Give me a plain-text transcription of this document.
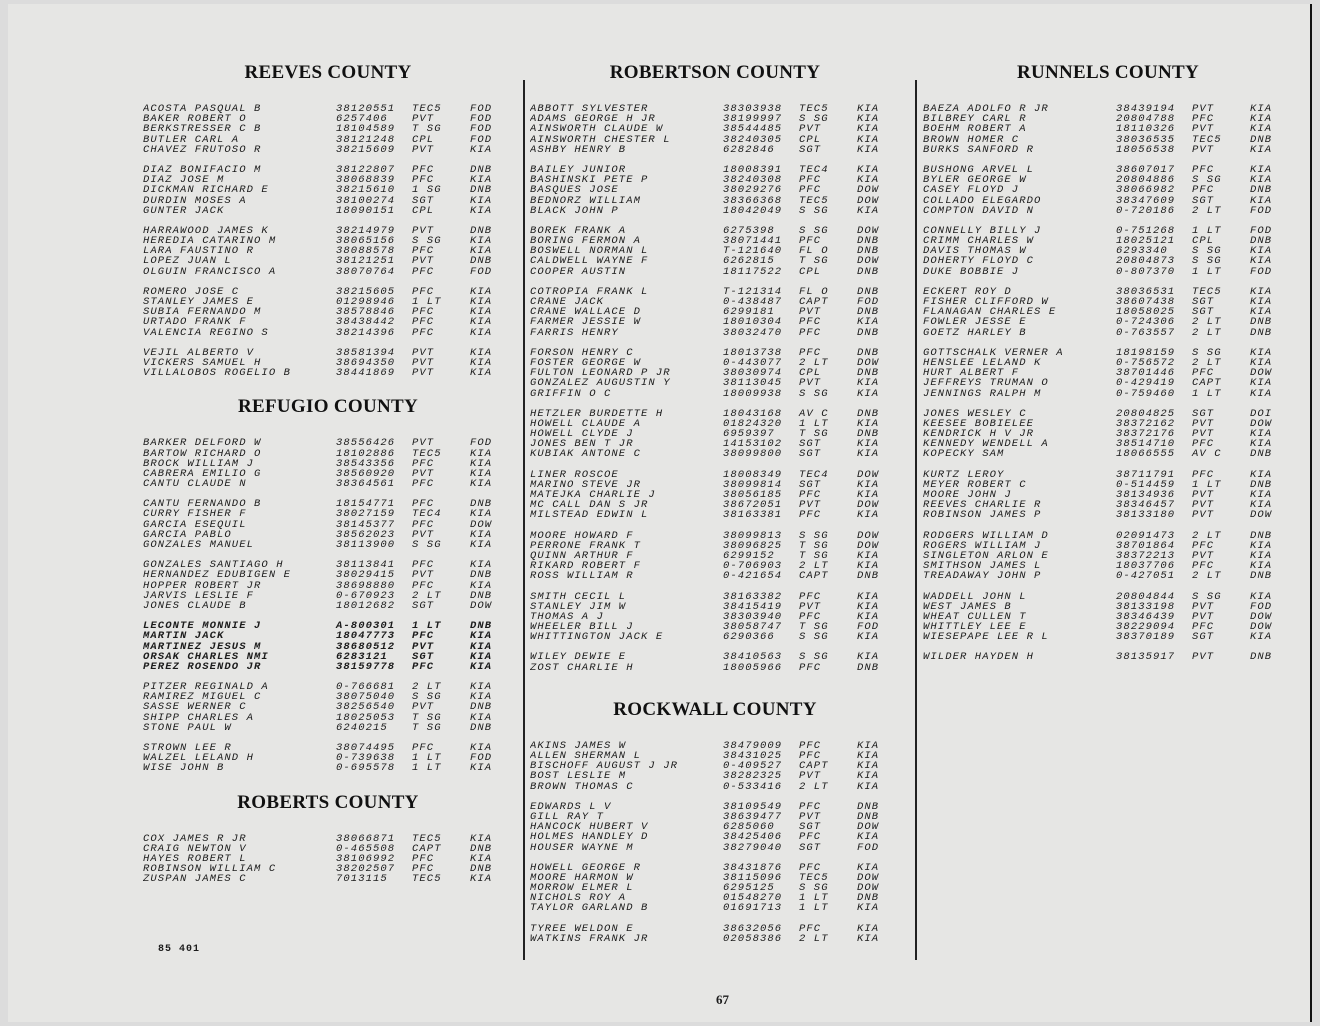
REEVES COUNTY
ACOSTA PASQUAL B	38120551	TEC5	FOD
BAKER ROBERT O	6257406	PVT	FOD
BERKSTRESSER C B	18104589	T SG	FOD
BUTLER CARL A	38121248	CPL	FOD
CHAVEZ FRUTOSO R	38215609	PVT	KIA
DIAZ BONIFACIO M	38122807	PFC	DNB
DIAZ JOSE M	38068839	PFC	KIA
DICKMAN RICHARD E	38215610	1 SG	DNB
DURDIN MOSES A	38100274	SGT	KIA
GUNTER JACK	18090151	CPL	KIA
HARRAWOOD JAMES K	38214979	PVT	DNB
HEREDIA CATARINO M	38065156	S SG	KIA
LARA FAUSTINO R	38088578	PFC	KIA
LOPEZ JUAN L	38121251	PVT	DNB
OLGUIN FRANCISCO A	38070764	PFC	FOD
ROMERO JOSE C	38215605	PFC	KIA
STANLEY JAMES E	01298946	1 LT	KIA
SUBIA FERNANDO M	38578846	PFC	KIA
URTADO FRANK F	38438442	PFC	KIA
VALENCIA REGINO S	38214396	PFC	KIA
VEJIL ALBERTO V	38581394	PVT	KIA
VICKERS SAMUEL H	38694350	PVT	KIA
VILLALOBOS ROGELIO B	38441869	PVT	KIA
REFUGIO COUNTY
BARKER DELFORD W	38556426	PVT	FOD
BARTOW RICHARD O	18102886	TEC5	KIA
BROCK WILLIAM J	38543356	PFC	KIA
CABRERA EMILIO G	38560920	PVT	KIA
CANTU CLAUDE N	38364561	PFC	KIA
CANTU FERNANDO B	18154771	PFC	DNB
CURRY FISHER F	38027159	TEC4	KIA
GARCIA ESEQUIL	38145377	PFC	DOW
GARCIA PABLO	38562023	PVT	KIA
GONZALES MANUEL	38113900	S SG	KIA
GONZALES SANTIAGO H	38113841	PFC	KIA
HERNANDEZ EDUBIGEN E	38029415	PVT	DNB
HOPPER ROBERT JR	38698880	PFC	KIA
JARVIS LESLIE F	0-670923	2 LT	DNB
JONES CLAUDE B	18012682	SGT	DOW
LECONTE MONNIE J	A-800301	1 LT	DNB
MARTIN JACK	18047773	PFC	KIA
MARTINEZ JESUS M	38680512	PVT	KIA
ORSAK CHARLES NMI	6283121	SGT	KIA
PEREZ ROSENDO JR	38159778	PFC	KIA
PITZER REGINALD A	0-766681	2 LT	KIA
RAMIREZ MIGUEL C	38075040	S SG	KIA
SASSE WERNER C	38256540	PVT	DNB
SHIPP CHARLES A	18025053	T SG	KIA
STONE PAUL W	6240215	T SG	DNB
STROWN LEE R	38074495	PFC	KIA
WALZEL LELAND H	0-739638	1 LT	FOD
WISE JOHN B	0-695578	1 LT	KIA
ROBERTS COUNTY
COX JAMES R JR	38066871	TEC5	KIA
CRAIG NEWTON V	0-465508	CAPT	DNB
HAYES ROBERT L	38106992	PFC	KIA
ROBINSON WILLIAM C	38202507	PFC	DNB
ZUSPAN JAMES C	7013115	TEC5	KIA
ROBERTSON COUNTY
ABBOTT SYLVESTER	38303938	TEC5	KIA
ADAMS GEORGE H JR	38199997	S SG	KIA
AINSWORTH CLAUDE W	38544485	PVT	KIA
AINSWORTH CHESTER L	38240305	CPL	KIA
ASHBY HENRY B	6282846	SGT	KIA
BAILEY JUNIOR	18008391	TEC4	KIA
BASHINSKI PETE P	38240308	PFC	KIA
BASQUES JOSE	38029276	PFC	DOW
BEDNORZ WILLIAM	38366368	TEC5	DOW
BLACK JOHN P	18042049	S SG	KIA
BOREK FRANK A	6275398	S SG	DOW
BORING FERMON A	38071441	PFC	DNB
BOSWELL NORMAN L	T-121640	FL O	DNB
CALDWELL WAYNE F	6262815	T SG	DOW
COOPER AUSTIN	18117522	CPL	DNB
COTROPIA FRANK L	T-121314	FL O	DNB
CRANE JACK	0-438487	CAPT	FOD
CRANE WALLACE D	6299181	PVT	DNB
FARMER JESSIE W	18010304	PFC	KIA
FARRIS HENRY	38032470	PFC	DNB
FORSON HENRY C	18013738	PFC	DNB
FOSTER GEORGE W	0-443077	2 LT	DOW
FULTON LEONARD P JR	38030974	CPL	DNB
GONZALEZ AUGUSTIN Y	38113045	PVT	KIA
GRIFFIN O C	18009938	S SG	KIA
HETZLER BURDETTE H	18043168	AV C	DNB
HOWELL CLAUDE A	01824320	1 LT	KIA
HOWELL CLYDE J	6959397	T SG	DNB
JONES BEN T JR	14153102	SGT	KIA
KUBIAK ANTONE C	38099800	SGT	KIA
LINER ROSCOE	18008349	TEC4	DOW
MARINO STEVE JR	38099814	SGT	KIA
MATEJKA CHARLIE J	38056185	PFC	KIA
MC CALL DAN S JR	38672051	PVT	DOW
MILSTEAD EDWIN L	38163381	PFC	KIA
MOORE HOWARD F	38099813	S SG	DOW
PERRONE FRANK T	38096825	T SG	DOW
QUINN ARTHUR F	6299152	T SG	KIA
RIKARD ROBERT F	0-706903	2 LT	KIA
ROSS WILLIAM R	0-421654	CAPT	DNB
SMITH CECIL L	38163382	PFC	KIA
STANLEY JIM W	38415419	PVT	KIA
THOMAS A J	38303940	PFC	KIA
WHEELER BILL J	38058747	T SG	FOD
WHITTINGTON JACK E	6290366	S SG	KIA
WILEY DEWIE E	38410563	S SG	KIA
ZOST CHARLIE H	18005966	PFC	DNB
ROCKWALL COUNTY
AKINS JAMES W	38479009	PFC	KIA
ALLEN SHERMAN L	38431025	PFC	KIA
BISCHOFF AUGUST J JR	0-409527	CAPT	KIA
BOST LESLIE M	38282325	PVT	KIA
BROWN THOMAS C	0-533416	2 LT	KIA
EDWARDS L V	38109549	PFC	DNB
GILL RAY T	38639477	PVT	DNB
HANCOCK HUBERT V	6285060	SGT	DOW
HOLMES HANDLEY D	38425406	PFC	KIA
HOUSER WAYNE M	38279040	SGT	FOD
HOWELL GEORGE R	38431876	PFC	KIA
MOORE HARMON W	38115096	TEC5	DOW
MORROW ELMER L	6295125	S SG	DOW
NICHOLS ROY A	01548270	1 LT	DNB
TAYLOR GARLAND B	01691713	1 LT	KIA
TYREE WELDON E	38632056	PFC	KIA
WATKINS FRANK JR	02058386	2 LT	KIA
RUNNELS COUNTY
BAEZA ADOLFO R JR	38439194	PVT	KIA
BILBREY CARL R	20804788	PFC	KIA
BOEHM ROBERT A	18110326	PVT	KIA
BROWN HOMER C	38036535	TEC5	DNB
BURKS SANFORD R	18056538	PVT	KIA
BUSHONG ARVEL L	38607017	PFC	KIA
BYLER GEORGE W	20804886	S SG	KIA
CASEY FLOYD J	38066982	PFC	DNB
COLLADO ELEGARDO	38347609	SGT	KIA
COMPTON DAVID N	0-720186	2 LT	FOD
CONNELLY BILLY J	0-751268	1 LT	FOD
CRIMM CHARLES W	18025121	CPL	DNB
DAVIS THOMAS W	6293340	S SG	KIA
DOHERTY FLOYD C	20804873	S SG	KIA
DUKE BOBBIE J	0-807370	1 LT	FOD
ECKERT ROY D	38036531	TEC5	KIA
FISHER CLIFFORD W	38607438	SGT	KIA
FLANAGAN CHARLES E	18058025	SGT	KIA
FOWLER JESSE E	0-724306	2 LT	DNB
GOETZ HARLEY B	0-763557	2 LT	DNB
GOTTSCHALK VERNER A	18198159	S SG	KIA
HENSLEE LELAND K	0-756572	2 LT	KIA
HURT ALBERT F	38701446	PFC	DOW
JEFFREYS TRUMAN O	0-429419	CAPT	KIA
JENNINGS RALPH M	0-759460	1 LT	KIA
JONES WESLEY C	20804825	SGT	DOI
KEESEE BOBIELEE	38372162	PVT	DOW
KENDRICK H V JR	38372176	PVT	KIA
KENNEDY WENDELL A	38514710	PFC	KIA
KOPECKY SAM	18066555	AV C	DNB
KURTZ LEROY	38711791	PFC	KIA
MEYER ROBERT C	0-514459	1 LT	DNB
MOORE JOHN J	38134936	PVT	KIA
REEVES CHARLIE R	38346457	PVT	KIA
ROBINSON JAMES P	38133180	PVT	DOW
RODGERS WILLIAM D	02091473	2 LT	DNB
ROGERS WILLIAM J	38701864	PFC	KIA
SINGLETON ARLON E	38372213	PVT	KIA
SMITHSON JAMES L	18037706	PFC	KIA
TREADAWAY JOHN P	0-427051	2 LT	DNB
WADDELL JOHN L	20804844	S SG	KIA
WEST JAMES B	38133198	PVT	FOD
WHEAT CULLEN T	38346439	PVT	DOW
WHITTLEY LEE E	38229094	PFC	DOW
WIESEPAPE LEE R L	38370189	SGT	KIA
WILDER HAYDEN H	38135917	PVT	DNB
85 401
67
